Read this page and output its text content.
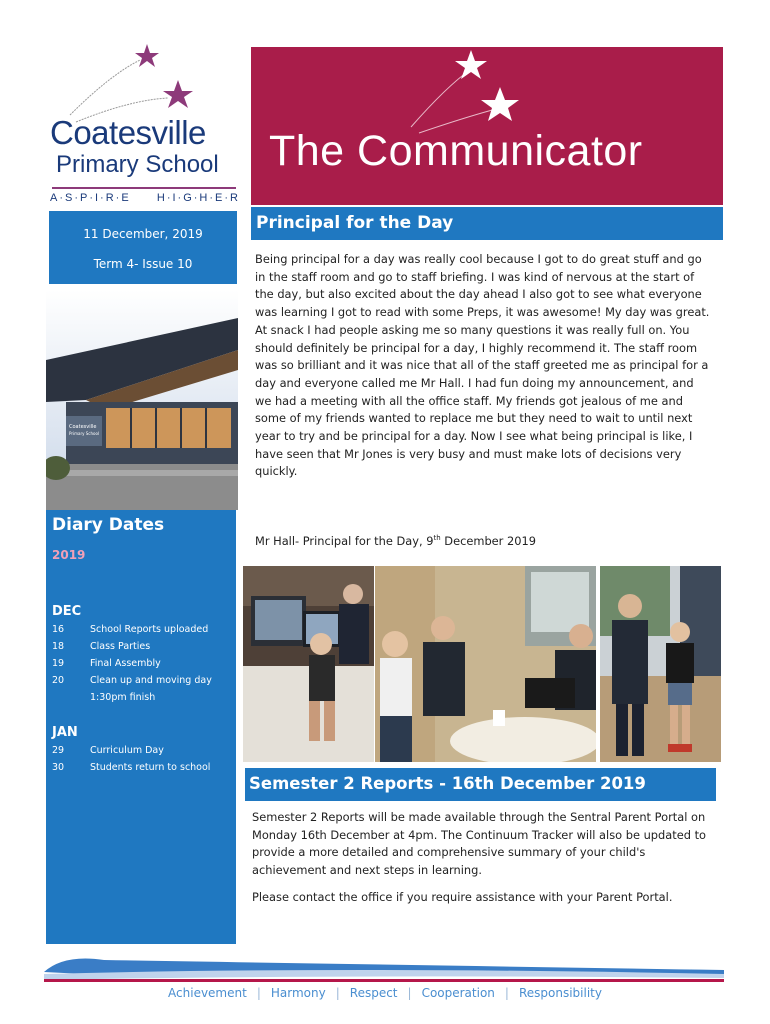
Coatesville
Primary School
A·S·P·I·R·E H·I·G·H·E·R
The Communicator
11 December, 2019
Term 4- Issue 10
Coatesville
Primary School
Diary Dates
2019
DEC
16	School Reports uploaded
18	Class Parties
19	Final Assembly
20	Clean up and moving day
1:30pm finish
JAN
29	Curriculum Day
30	Students return to school
Principal for the Day
Being principal for a day was really cool because I got to do great stuff and go in the staff room and go to staff briefing. I was kind of nervous at the start of the day, but also excited about the day ahead I also got to see what everyone was learning I got to read with some Preps, it was awesome! My day was great. At snack I had people asking me so many questions it was really full on. You should definitely be principal for a day, I highly recommend it. The staff room was so brilliant and it was nice that all of the staff greeted me as principal for a day and everyone called me Mr Hall. I had fun doing my announcement, and we had a meeting with all the office staff. My friends got jealous of me and some of my friends wanted to replace me but they need to wait to until next year to try and be principal for a day. Now I see what being principal is like, I have seen that Mr Jones is very busy and must make lots of decisions very quickly.
Mr Hall- Principal for the Day, 9th December 2019
Semester 2 Reports - 16th December 2019

Semester 2 Reports will be made available through the Sentral Parent Portal on Monday 16th December at 4pm. The Continuum Tracker will also be updated to provide a more detailed and comprehensive summary of your child's achievement and next steps in learning.

Please contact the office if you require assistance with your Parent Portal.

Achievement | Harmony | Respect | Cooperation | Responsibility
